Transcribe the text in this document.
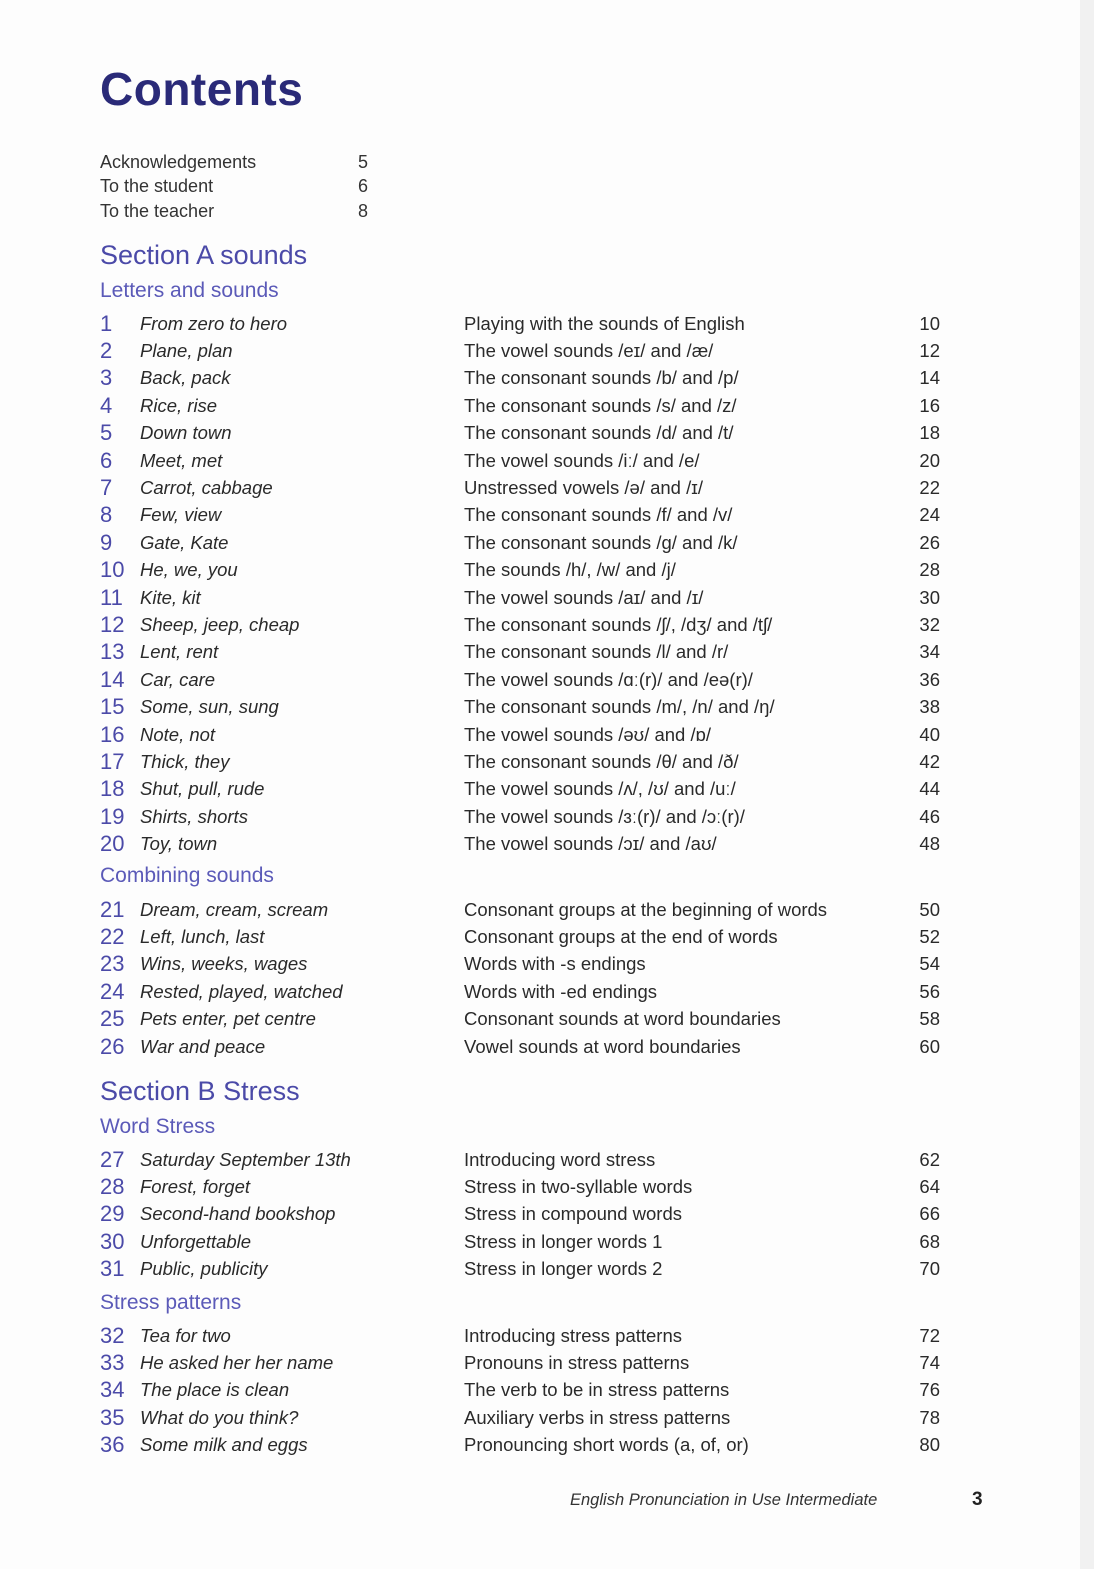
Contents
Acknowledgements	5
To the student	6
To the teacher	8
Section A sounds
Letters and sounds
1	From zero to hero	Playing with the sounds of English	10
2	Plane, plan	The vowel sounds /eɪ/ and /æ/	12
3	Back, pack	The consonant sounds /b/ and /p/	14
4	Rice, rise	The consonant sounds /s/ and /z/	16
5	Down town	The consonant sounds /d/ and /t/	18
6	Meet, met	The vowel sounds /iː/ and /e/	20
7	Carrot, cabbage	Unstressed vowels /ə/ and /ɪ/	22
8	Few, view	The consonant sounds /f/ and /v/	24
9	Gate, Kate	The consonant sounds /g/ and /k/	26
10 He, we, you	The sounds /h/, /w/ and /j/	28
11 Kite, kit	The vowel sounds /aɪ/ and /ɪ/	30
12 Sheep, jeep, cheap	The consonant sounds /ʃ/, /dʒ/ and /tʃ/	32
13 Lent, rent	The consonant sounds /l/ and /r/	34
14 Car, care	The vowel sounds /ɑː(r)/ and /eə(r)/	36
15 Some, sun, sung	The consonant sounds /m/, /n/ and /ŋ/	38
16 Note, not	The vowel sounds /əʊ/ and /ɒ/	40
17 Thick, they	The consonant sounds /θ/ and /ð/	42
18 Shut, pull, rude	The vowel sounds /ʌ/, /ʊ/ and /uː/	44
19 Shirts, shorts	The vowel sounds /ɜː(r)/ and /ɔː(r)/	46
20 Toy, town	The vowel sounds /ɔɪ/ and /aʊ/	48
Combining sounds
21 Dream, cream, scream	Consonant groups at the beginning of words	50
22 Left, lunch, last	Consonant groups at the end of words	52
23 Wins, weeks, wages	Words with -s endings	54
24 Rested, played, watched	Words with -ed endings	56
25 Pets enter, pet centre	Consonant sounds at word boundaries	58
26 War and peace	Vowel sounds at word boundaries	60
Section B Stress
Word Stress
27 Saturday September 13th	Introducing word stress	62
28 Forest, forget	Stress in two-syllable words	64
29 Second-hand bookshop	Stress in compound words	66
30 Unforgettable	Stress in longer words 1	68
31 Public, publicity	Stress in longer words 2	70
Stress patterns
32 Tea for two	Introducing stress patterns	72
33 He asked her her name	Pronouns in stress patterns	74
34 The place is clean	The verb to be in stress patterns	76
35 What do you think?	Auxiliary verbs in stress patterns	78
36 Some milk and eggs	Pronouncing short words (a, of, or)	80
English Pronunciation in Use Intermediate	3
